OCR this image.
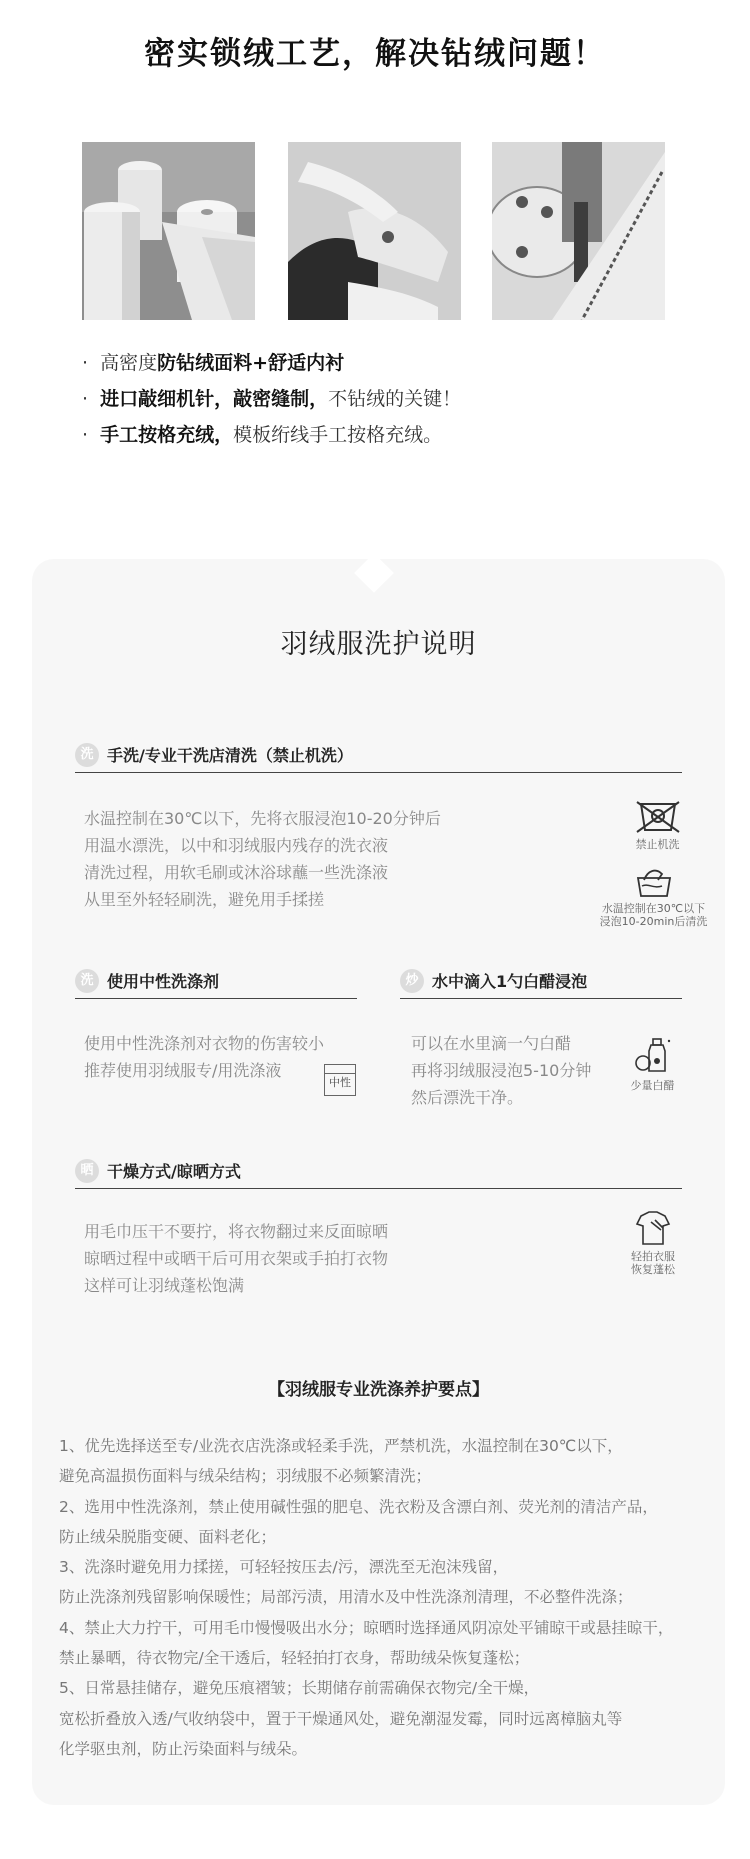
密实锁绒工艺，解决钻绒问题！
· 高密度防钻绒面料+舒适内衬
· 进口敲细机针，敲密缝制，不钻绒的关键！
· 手工按格充绒，模板绗线手工按格充绒。
羽绒服洗护说明
洗 手洗/专业干洗店清洗（禁止机洗）
水温控制在30℃以下，先将衣服浸泡10-20分钟后
用温水漂洗，以中和羽绒服内残存的洗衣液
清洗过程，用软毛刷或沐浴球蘸一些洗涤液
从里至外轻轻刷洗，避免用手揉搓
禁止机洗
水温控制在30℃以下
浸泡10-20min后清洗
洗 使用中性洗涤剂
使用中性洗涤剂对衣物的伤害较小
推荐使用羽绒服专/用洗涤液
中性
炒 水中滴入1勺白醋浸泡
可以在水里滴一勺白醋
再将羽绒服浸泡5-10分钟
然后漂洗干净。
少量白醋
晒 干燥方式/晾晒方式
用毛巾压干不要拧，将衣物翻过来反面晾晒
晾晒过程中或晒干后可用衣架或手拍打衣物
这样可让羽绒蓬松饱满
轻拍衣服
恢复蓬松
【羽绒服专业洗涤养护要点】
1、优先选择送至专/业洗衣店洗涤或轻柔手洗，严禁机洗，水温控制在30℃以下，
避免高温损伤面料与绒朵结构；羽绒服不必频繁清洗；
2、选用中性洗涤剂，禁止使用碱性强的肥皂、洗衣粉及含漂白剂、荧光剂的清洁产品，
防止绒朵脱脂变硬、面料老化；
3、洗涤时避免用力揉搓，可轻轻按压去/污，漂洗至无泡沫残留，
防止洗涤剂残留影响保暖性；局部污渍，用清水及中性洗涤剂清理，不必整件洗涤；
4、禁止大力拧干，可用毛巾慢慢吸出水分；晾晒时选择通风阴凉处平铺晾干或悬挂晾干，
禁止暴晒，待衣物完/全干透后，轻轻拍打衣身，帮助绒朵恢复蓬松；
5、日常悬挂储存，避免压痕褶皱；长期储存前需确保衣物完/全干燥，
宽松折叠放入透/气收纳袋中，置于干燥通风处，避免潮湿发霉，同时远离樟脑丸等
化学驱虫剂，防止污染面料与绒朵。
